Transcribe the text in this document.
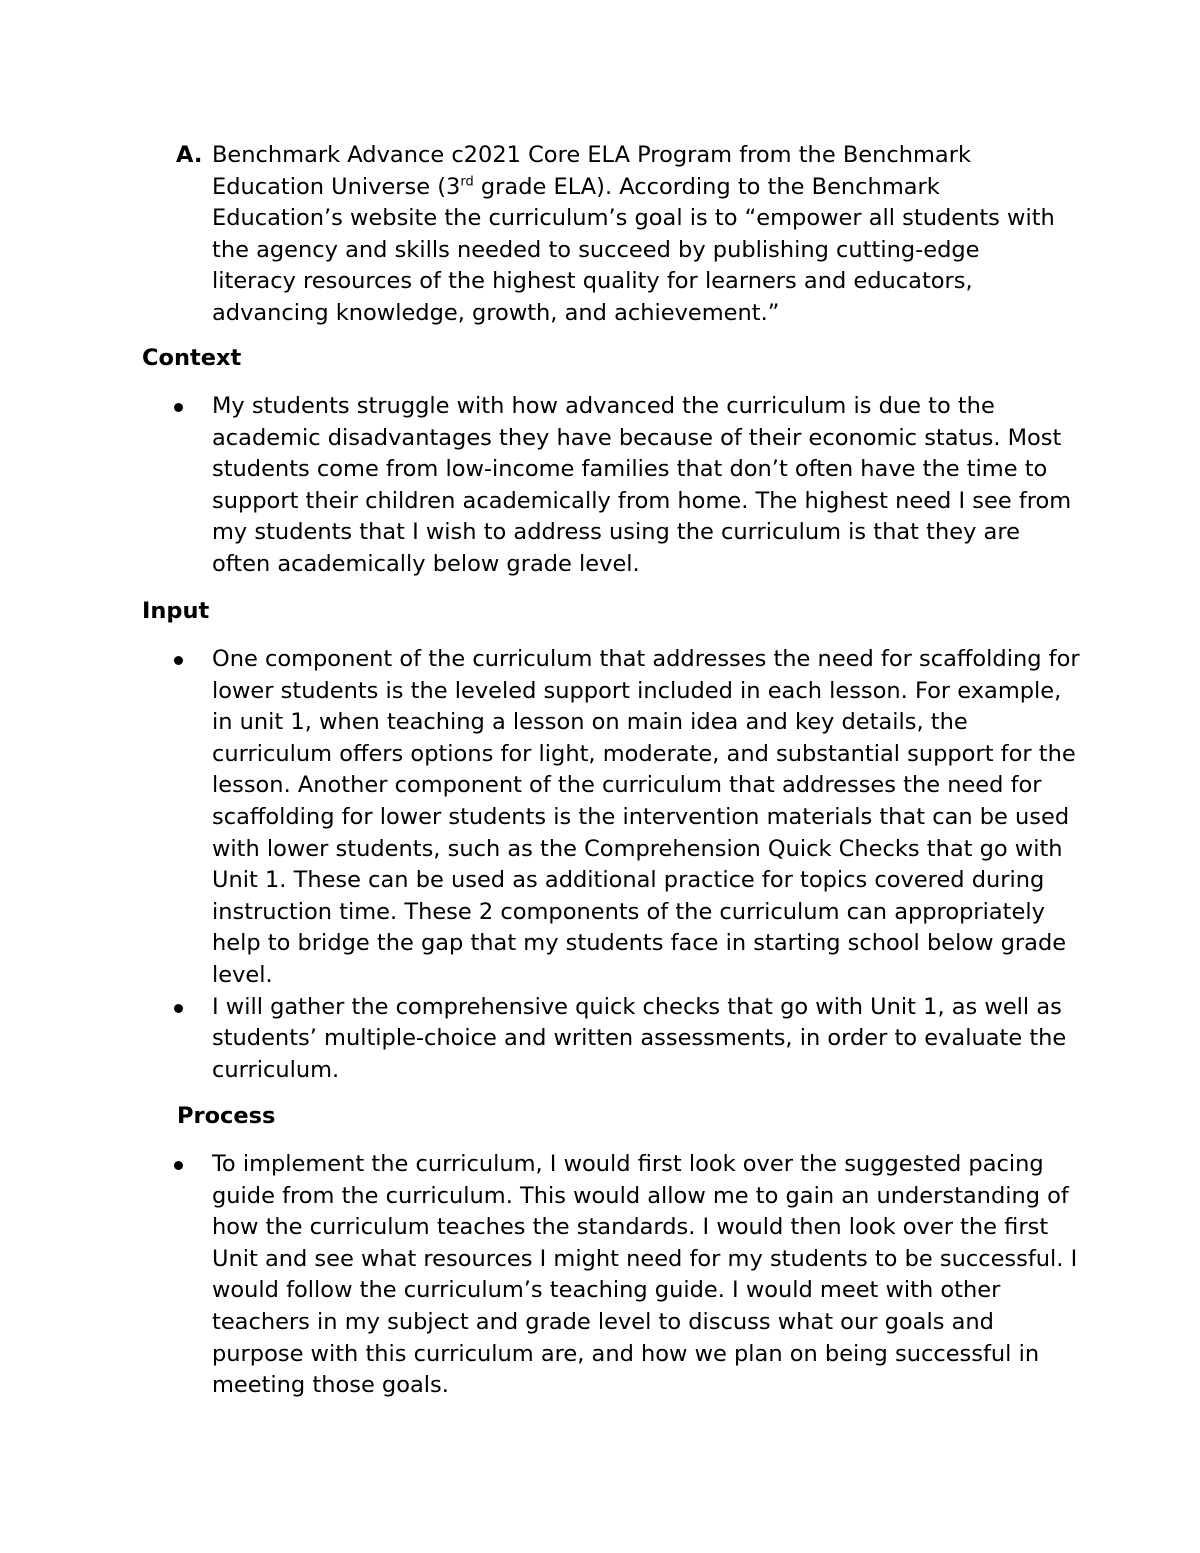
A. Benchmark Advance c2021 Core ELA Program from the Benchmark Education Universe (3rd grade ELA). According to the Benchmark Education’s website the curriculum’s goal is to “empower all students with the agency and skills needed to succeed by publishing cutting-edge literacy resources of the highest quality for learners and educators, advancing knowledge, growth, and achievement.”
Context
My students struggle with how advanced the curriculum is due to the academic disadvantages they have because of their economic status. Most students come from low-income families that don’t often have the time to support their children academically from home. The highest need I see from my students that I wish to address using the curriculum is that they are often academically below grade level.
Input
One component of the curriculum that addresses the need for scaffolding for lower students is the leveled support included in each lesson. For example, in unit 1, when teaching a lesson on main idea and key details, the curriculum offers options for light, moderate, and substantial support for the lesson. Another component of the curriculum that addresses the need for scaffolding for lower students is the intervention materials that can be used with lower students, such as the Comprehension Quick Checks that go with Unit 1. These can be used as additional practice for topics covered during instruction time. These 2 components of the curriculum can appropriately help to bridge the gap that my students face in starting school below grade level.
I will gather the comprehensive quick checks that go with Unit 1, as well as students’ multiple-choice and written assessments, in order to evaluate the curriculum.
Process
To implement the curriculum, I would first look over the suggested pacing guide from the curriculum. This would allow me to gain an understanding of how the curriculum teaches the standards. I would then look over the first Unit and see what resources I might need for my students to be successful. I would follow the curriculum’s teaching guide. I would meet with other teachers in my subject and grade level to discuss what our goals and purpose with this curriculum are, and how we plan on being successful in meeting those goals.
